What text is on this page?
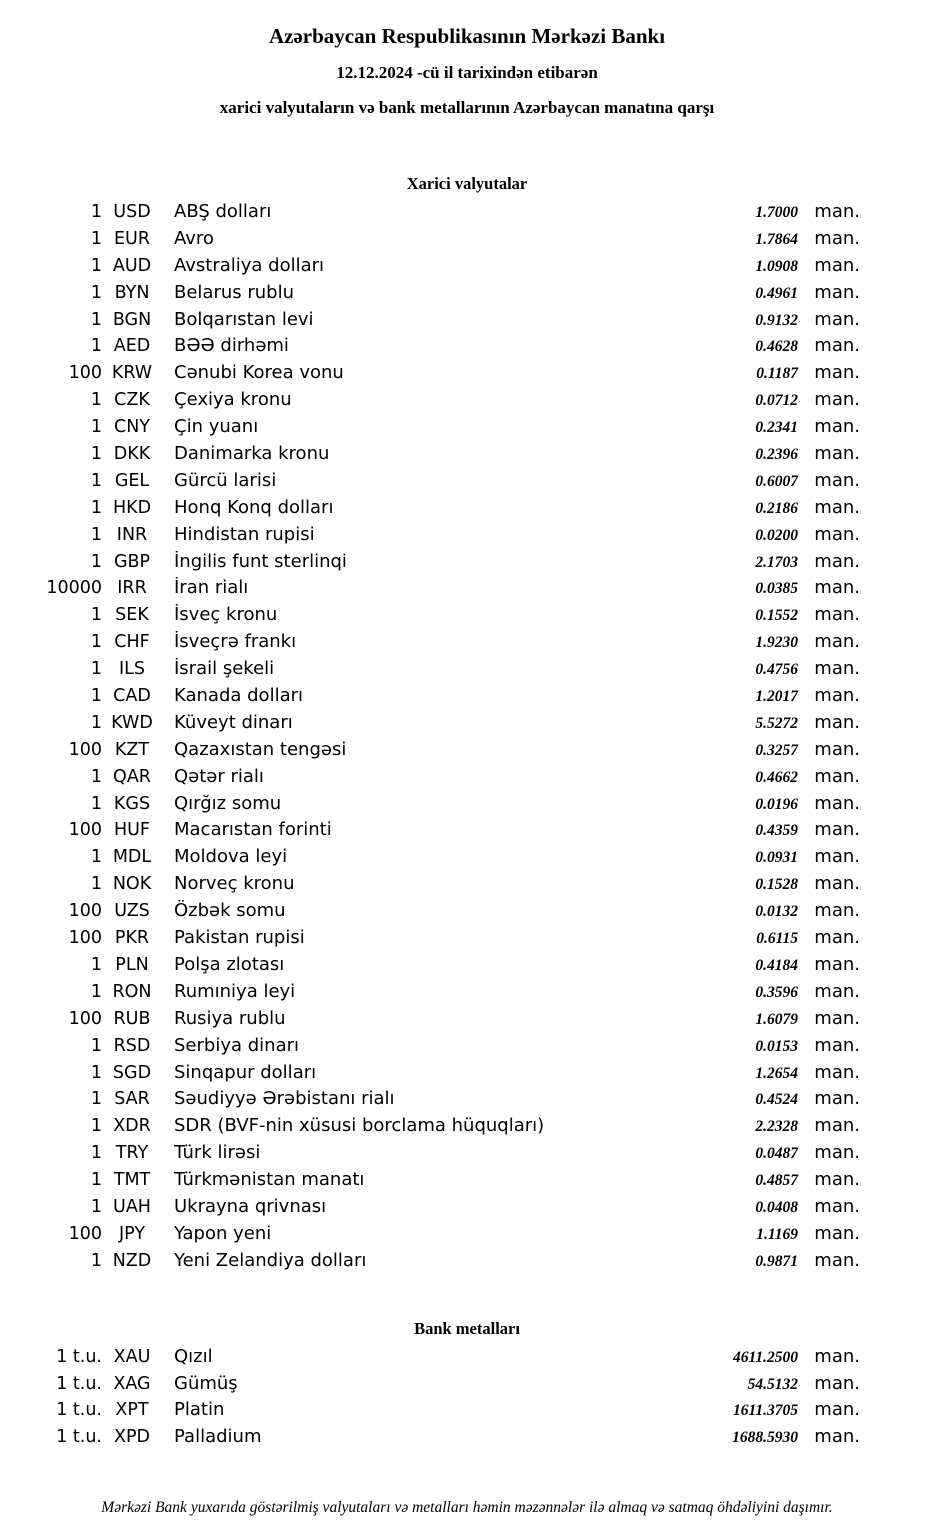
Azərbaycan Respublikasının Mərkəzi Bankı

12.12.2024 -cü il tarixindən etibarən

xarici valyutaların və bank metallarının Azərbaycan manatına qarşı

Xarici valyutalar
1 USD	ABŞ dolları	1.7000 man.
1 EUR	Avro	1.7864 man.
1 AUD	Avstraliya dolları	1.0908 man.
1 BYN	Belarus rublu	0.4961 man.
1 BGN	Bolqarıstan levi	0.9132 man.
1 AED	BƏƏ dirhəmi	0.4628 man.
100 KRW	Cənubi Korea vonu	0.1187 man.
1 CZK	Çexiya kronu	0.0712 man.
1 CNY	Çin yuanı	0.2341 man.
1 DKK	Danimarka kronu	0.2396 man.
1 GEL	Gürcü larisi	0.6007 man.
1 HKD	Honq Konq dolları	0.2186 man.
1 INR	Hindistan rupisi	0.0200 man.
1 GBP	İngilis funt sterlinqi	2.1703 man.
10000 IRR	İran rialı	0.0385 man.
1 SEK	İsveç kronu	0.1552 man.
1 CHF	İsveçrə frankı	1.9230 man.
1 ILS	İsrail şekeli	0.4756 man.
1 CAD	Kanada dolları	1.2017 man.
1 KWD	Küveyt dinarı	5.5272 man.
100 KZT	Qazaxıstan tengəsi	0.3257 man.
1 QAR	Qətər rialı	0.4662 man.
1 KGS	Qırğız somu	0.0196 man.
100 HUF	Macarıstan forinti	0.4359 man.
1 MDL	Moldova leyi	0.0931 man.
1 NOK	Norveç kronu	0.1528 man.
100 UZS	Özbək somu	0.0132 man.
100 PKR	Pakistan rupisi	0.6115 man.
1 PLN	Polşa zlotası	0.4184 man.
1 RON	Rumıniya leyi	0.3596 man.
100 RUB	Rusiya rublu	1.6079 man.
1 RSD	Serbiya dinarı	0.0153 man.
1 SGD	Sinqapur dolları	1.2654 man.
1 SAR	Səudiyyə Ərəbistanı rialı	0.4524 man.
1 XDR	SDR (BVF-nin xüsusi borclama hüquqları)	2.2328 man.
1 TRY	Türk lirəsi	0.0487 man.
1 TMT	Türkmənistan manatı	0.4857 man.
1 UAH	Ukrayna qrivnası	0.0408 man.
100 JPY	Yapon yeni	1.1169 man.
1 NZD	Yeni Zelandiya dolları	0.9871 man.
Bank metalları
1 t.u. XAU	Qızıl	4611.2500 man.
1 t.u. XAG	Gümüş	54.5132 man.
1 t.u. XPT	Platin	1611.3705 man.
1 t.u. XPD	Palladium	1688.5930 man.
Mərkəzi Bank yuxarıda göstərilmiş valyutaları və metalları həmin məzənnələr ilə almaq və satmaq öhdəliyini daşımır.
